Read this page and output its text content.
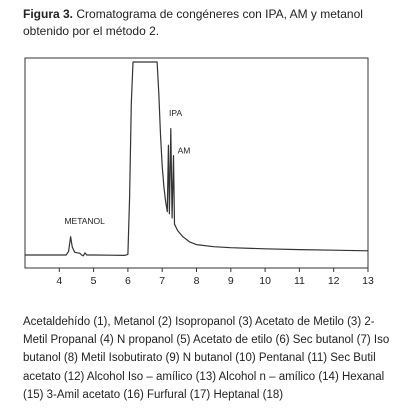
Figura 3. Cromatograma de congéneres con IPA, AM y metanol obtenido por el método 2.
4	5	6	7	8	9 10 11 12 13
METANOL
IPA
AM
Acetaldehído (1), Metanol (2) Isopropanol (3) Acetato de Metilo (3) 2-Metil Propanal (4) N propanol (5) Acetato de etilo (6) Sec butanol (7) Iso butanol (8) Metil Isobutirato (9) N butanol (10) Pentanal (11) Sec Butil acetato (12) Alcohol Iso – amílico (13) Alcohol n – amílico (14) Hexanal (15) 3-Amil acetato (16) Furfural (17) Heptanal (18)
